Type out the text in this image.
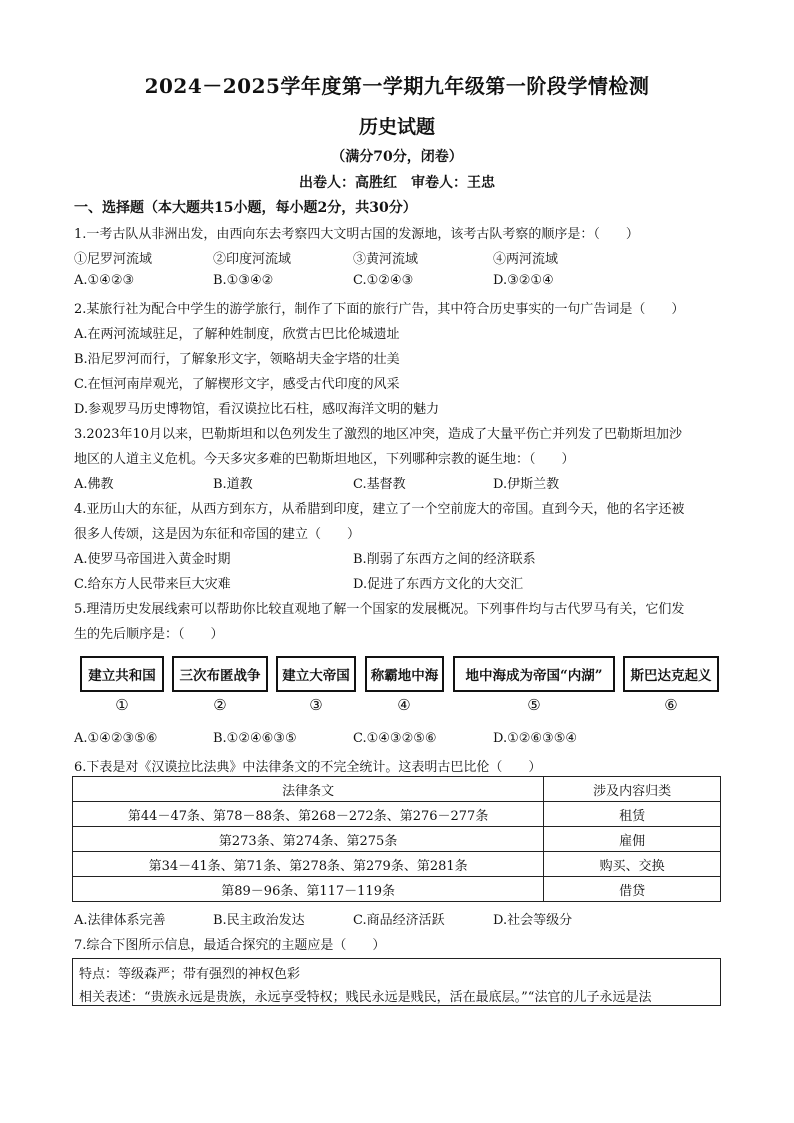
2024－2025学年度第一学期九年级第一阶段学情检测
历史试题
（满分70分，闭卷）
出卷人：高胜红　审卷人：王忠
一、选择题（本大题共15小题，每小题2分，共30分）
1.一考古队从非洲出发，由西向东去考察四大文明古国的发源地，该考古队考察的顺序是：（　　）
①尼罗河流域	②印度河流域	③黄河流域	④两河流域
A.①④②③	B.①③④②	C.①②④③	D.③②①④
2.某旅行社为配合中学生的游学旅行，制作了下面的旅行广告，其中符合历史事实的一句广告词是（　　）
A.在两河流域驻足，了解种姓制度，欣赏古巴比伦城遗址
B.沿尼罗河而行，了解象形文字，领略胡夫金字塔的壮美
C.在恒河南岸观光，了解楔形文字，感受古代印度的风采
D.参观罗马历史博物馆，看汉谟拉比石柱，感叹海洋文明的魅力
3.2023年10月以来，巴勒斯坦和以色列发生了激烈的地区冲突，造成了大量平伤亡并列发了巴勒斯坦加沙
地区的人道主义危机。今天多灾多难的巴勒斯坦地区，下列哪种宗教的诞生地：（　　）
A.佛教	B.道教	C.基督教	D.伊斯兰教
4.亚历山大的东征，从西方到东方，从希腊到印度，建立了一个空前庞大的帝国。直到今天，他的名字还被
很多人传颂，这是因为东征和帝国的建立（　　）
A.使罗马帝国进入黄金时期	B.削弱了东西方之间的经济联系
C.给东方人民带来巨大灾难	D.促进了东西方文化的大交汇
5.理清历史发展线索可以帮助你比较直观地了解一个国家的发展概况。下列事件均与古代罗马有关，它们发
生的先后顺序是：（　　）
建立共和国	三次布匿战争	建立大帝国	称霸地中海	地中海成为帝国“内湖”	斯巴达克起义
①	②	③	④	⑤	⑥
A.①④②③⑤⑥	B.①②④⑥③⑤	C.①④③②⑤⑥	D.①②⑥③⑤④
6.下表是对《汉谟拉比法典》中法律条文的不完全统计。这表明古巴比伦（　　）
法律条文	涉及内容归类
第44－47条、第78－88条、第268－272条、第276－277条	租赁
第273条、第274条、第275条	雇佣
第34－41条、第71条、第278条、第279条、第281条	购买、交换
第89－96条、第117－119条	借贷
A.法律体系完善	B.民主政治发达	C.商品经济活跃	D.社会等级分
7.综合下图所示信息，最适合探究的主题应是（　　）
特点：等级森严；带有强烈的神权色彩
相关表述：“贵族永远是贵族，永远享受特权；贱民永远是贱民，活在最底层。”“法官的儿子永远是法
